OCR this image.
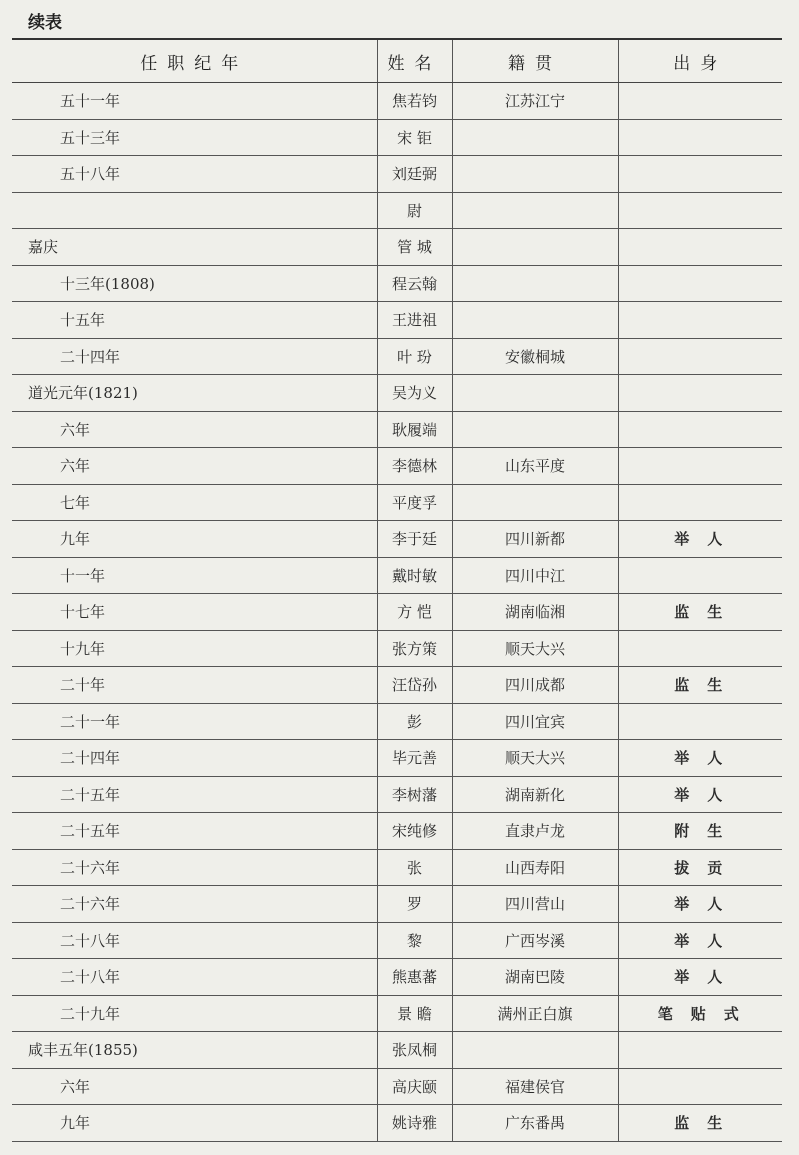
续表
任职纪年	姓名	籍贯	出身
五十一年	焦若钧	江苏江宁	
五十三年	宋 钜		
五十八年	刘廷弼		
	尉		
嘉庆	管 城		
十三年(1808)	程云翰		
十五年	王进祖		
二十四年	叶 玢	安徽桐城	
道光元年(1821)	吴为义		
六年	耿履端		
六年	李德林	山东平度	
七年	平度孚		
九年	李于廷	四川新都	举人
十一年	戴时敏	四川中江	
十七年	方 恺	湖南临湘	监生
十九年	张方策	顺天大兴	
二十年	汪岱孙	四川成都	监生
二十一年	彭	四川宜宾	
二十四年	毕元善	顺天大兴	举人
二十五年	李树藩	湖南新化	举人
二十五年	宋纯修	直隶卢龙	附生
二十六年	张	山西寿阳	拔贡
二十六年	罗	四川营山	举人
二十八年	黎	广西岑溪	举人
二十八年	熊惠蕃	湖南巴陵	举人
二十九年	景 瞻	满州正白旗	笔贴式
咸丰五年(1855)	张凤桐		
六年	高庆颐	福建侯官	
九年	姚诗雅	广东番禺	监生
